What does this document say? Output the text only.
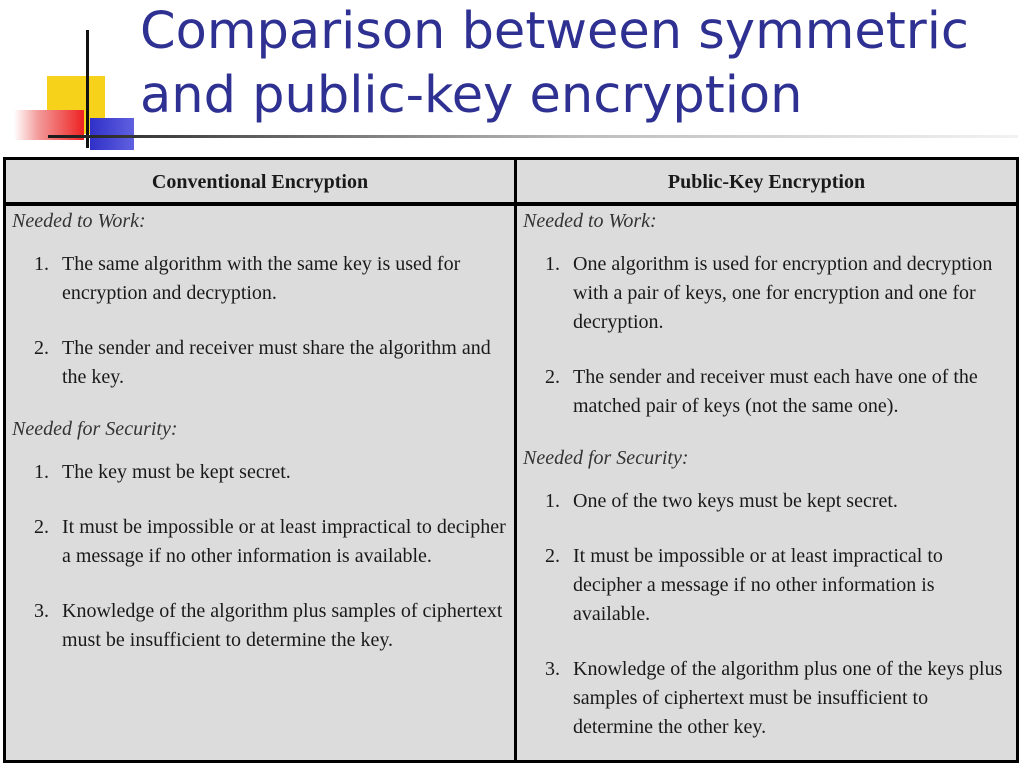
Comparison between symmetric
and public-key encryption
Conventional Encryption
Needed to Work:
1. The same algorithm with the same key is used for encryption and decryption.
2. The sender and receiver must share the algorithm and the key.
Needed for Security:
1. The key must be kept secret.
2. It must be impossible or at least impractical to decipher a message if no other information is available.
3. Knowledge of the algorithm plus samples of ciphertext must be insufficient to determine the key.
Public-Key Encryption
Needed to Work:
1. One algorithm is used for encryption and decryption with a pair of keys, one for encryption and one for decryption.
2. The sender and receiver must each have one of the matched pair of keys (not the same one).
Needed for Security:
1. One of the two keys must be kept secret.
2. It must be impossible or at least impractical to decipher a message if no other information is available.
3. Knowledge of the algorithm plus one of the keys plus samples of ciphertext must be insufficient to determine the other key.
